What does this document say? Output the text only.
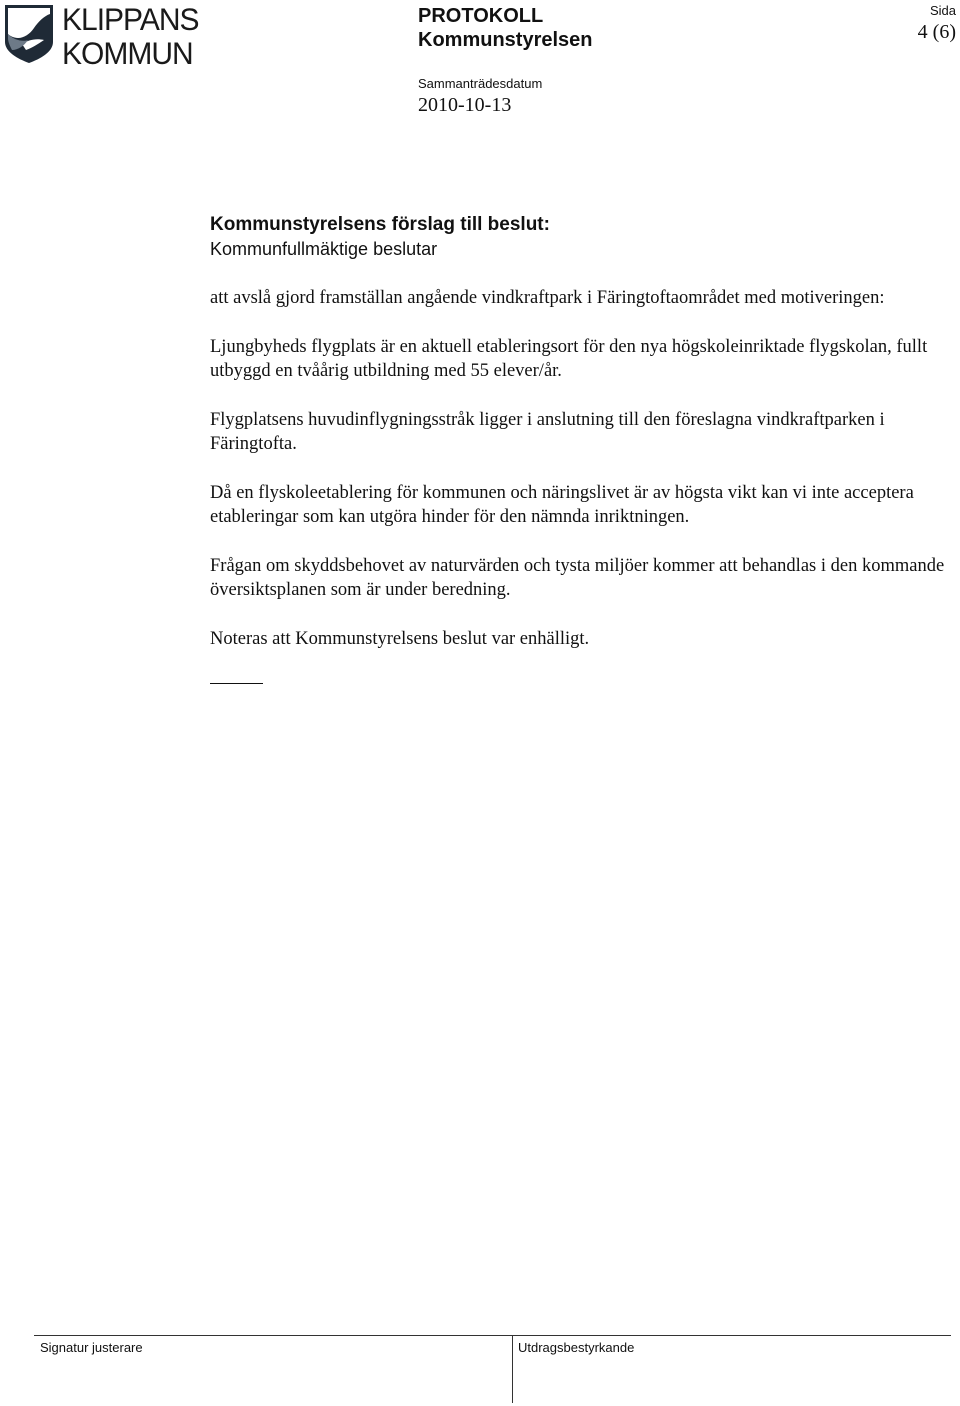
KLIPPANS
KOMMUN
PROTOKOLL
Kommunstyrelsen
Sida
4 (6)
Sammanträdesdatum
2010-10-13

Kommunstyrelsens förslag till beslut:

Kommunfullmäktige beslutar

att avslå gjord framställan angående vindkraftpark i Färingtoftaområdet med motiveringen:

Ljungbyheds flygplats är en aktuell etableringsort för den nya högskoleinriktade flygskolan, fullt utbyggd en tvåårig utbildning med 55 elever/år.

Flygplatsens huvudinflygningsstråk ligger i anslutning till den föreslagna vindkraftparken i Färingtofta.

Då en flyskoleetablering för kommunen och näringslivet är av högsta vikt kan vi inte acceptera etableringar som kan utgöra hinder för den nämnda inriktningen.

Frågan om skyddsbehovet av naturvärden och tysta miljöer kommer att behandlas i den kommande översiktsplanen som är under beredning.

Noteras att Kommunstyrelsens beslut var enhälligt.

Signatur justerare	Utdragsbestyrkande
